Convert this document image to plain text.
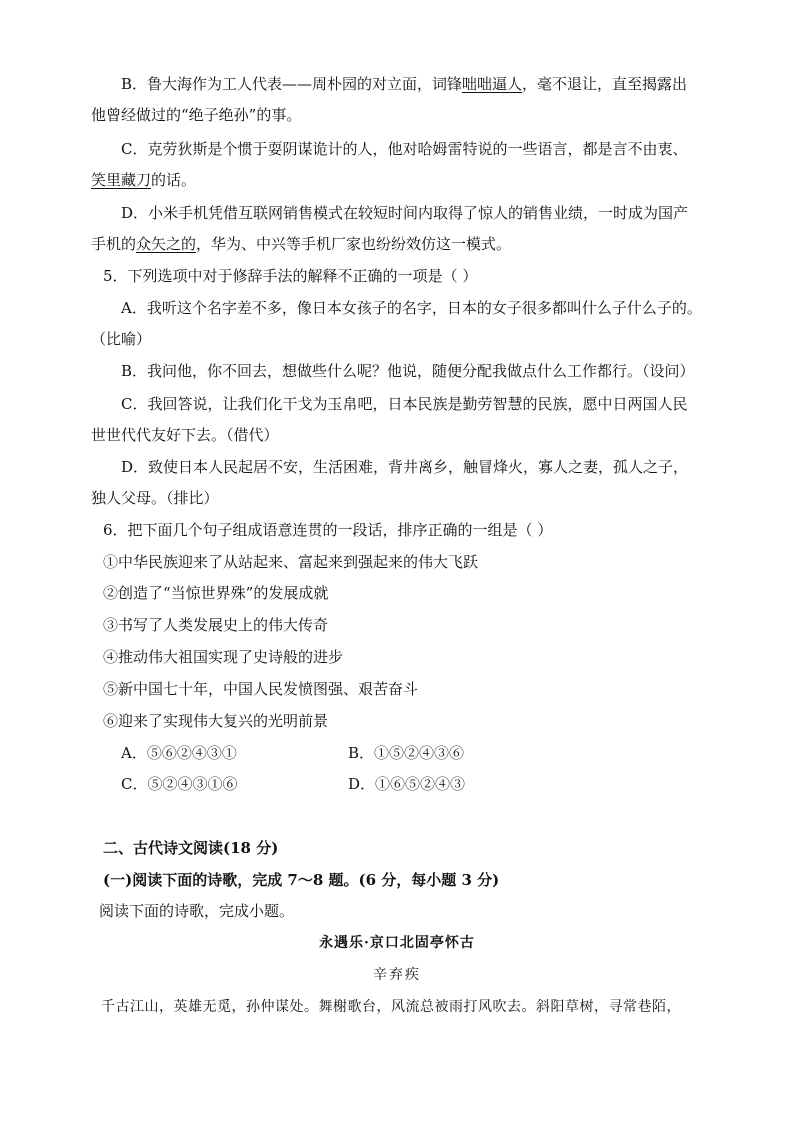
B．鲁大海作为工人代表——周朴园的对立面，词锋咄咄逼人，毫不退让，直至揭露出
他曾经做过的“绝子绝孙”的事。
C．克劳狄斯是个惯于耍阴谋诡计的人，他对哈姆雷特说的一些语言，都是言不由衷、
笑里藏刀的话。
D．小米手机凭借互联网销售模式在较短时间内取得了惊人的销售业绩，一时成为国产
手机的众矢之的，华为、中兴等手机厂家也纷纷效仿这一模式。
5．下列选项中对于修辞手法的解释不正确的一项是（ ）
A．我听这个名字差不多，像日本女孩子的名字，日本的女子很多都叫什么子什么子的。
（比喻）
B．我问他，你不回去，想做些什么呢？他说，随便分配我做点什么工作都行。（设问）
C．我回答说，让我们化干戈为玉帛吧，日本民族是勤劳智慧的民族，愿中日两国人民
世世代代友好下去。（借代）
D．致使日本人民起居不安，生活困难，背井离乡，触冒烽火，寡人之妻，孤人之子，
独人父母。（排比）
6．把下面几个句子组成语意连贯的一段话，排序正确的一组是（ ）
①中华民族迎来了从站起来、富起来到强起来的伟大飞跃
②创造了“当惊世界殊”的发展成就
③书写了人类发展史上的伟大传奇
④推动伟大祖国实现了史诗般的进步
⑤新中国七十年，中国人民发愤图强、艰苦奋斗
⑥迎来了实现伟大复兴的光明前景
A．⑤⑥②④③①	B．①⑤②④③⑥
C．⑤②④③①⑥	D．①⑥⑤②④③
二、古代诗文阅读(18 分)
(一)阅读下面的诗歌，完成 7～8 题。(6 分，每小题 3 分)
阅读下面的诗歌，完成小题。
永遇乐·京口北固亭怀古
辛弃疾
千古江山，英雄无觅，孙仲谋处。舞榭歌台，风流总被雨打风吹去。斜阳草树，寻常巷陌，
